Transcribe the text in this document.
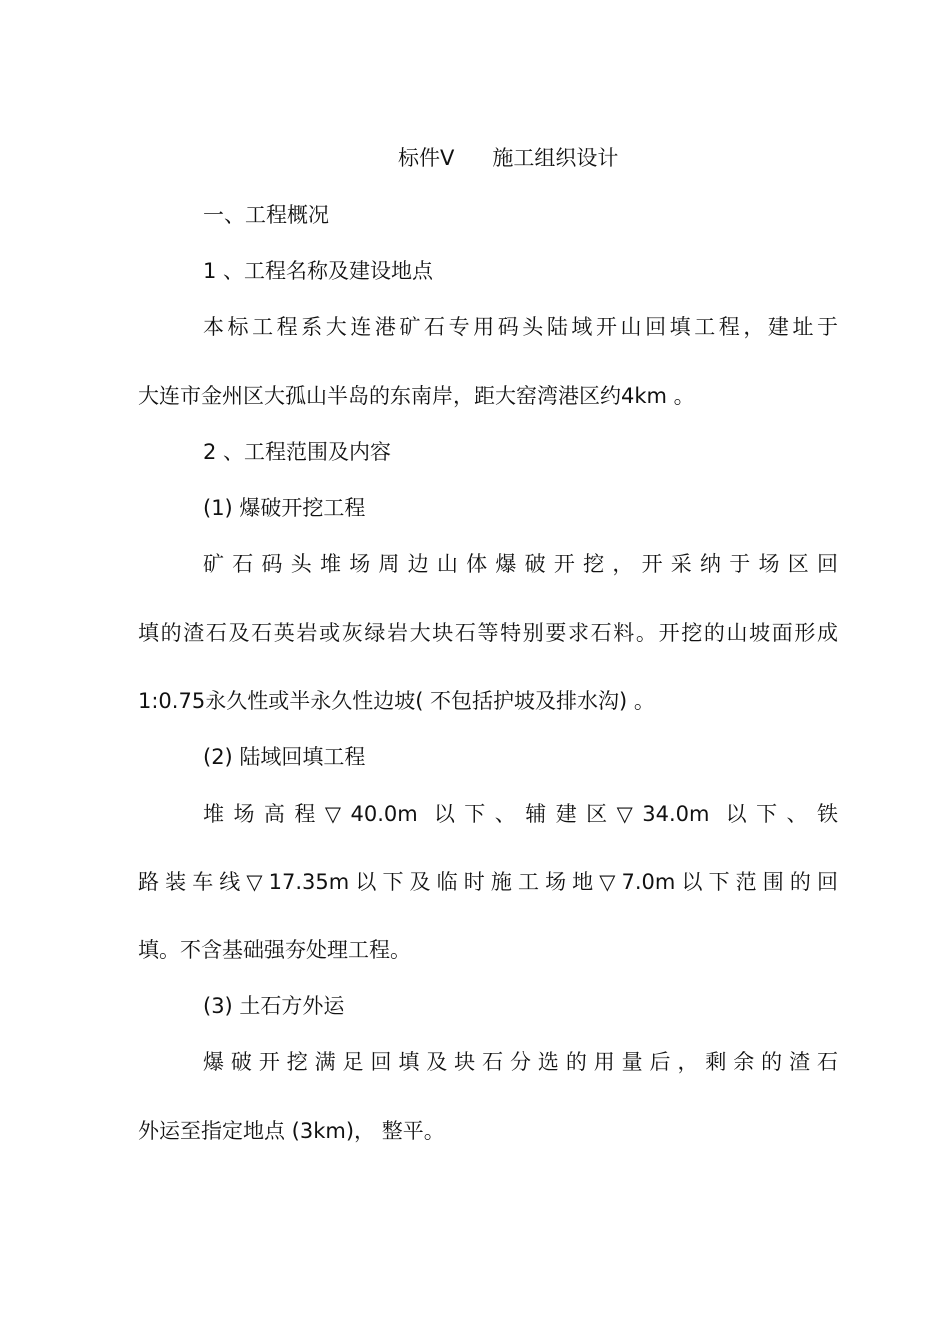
标件Ⅴ 施工组织设计
一、工程概况
1 、工程名称及建设地点
本标工程系大连港矿石专用码头陆域开山回填工程，建址于
大连市金州区大孤山半岛的东南岸，距大窑湾港区约4km 。
2 、工程范围及内容
(1) 爆破开挖工程
矿石码头堆场周边山体爆破开挖，开采纳于场区回
填的渣石及石英岩或灰绿岩大块石等特别要求石料。开挖的山坡面形成
1:0.75永久性或半永久性边坡( 不包括护坡及排水沟) 。
(2) 陆域回填工程
堆场高程▽40.0m 以下、辅建区▽34.0m 以下、铁
路装车线▽17.35m以下及临时施工场地▽7.0m以下范围的回
填。不含基础强夯处理工程。
(3) 土石方外运
爆破开挖满足回填及块石分选的用量后，剩余的渣石
外运至指定地点 (3km)， 整平。
